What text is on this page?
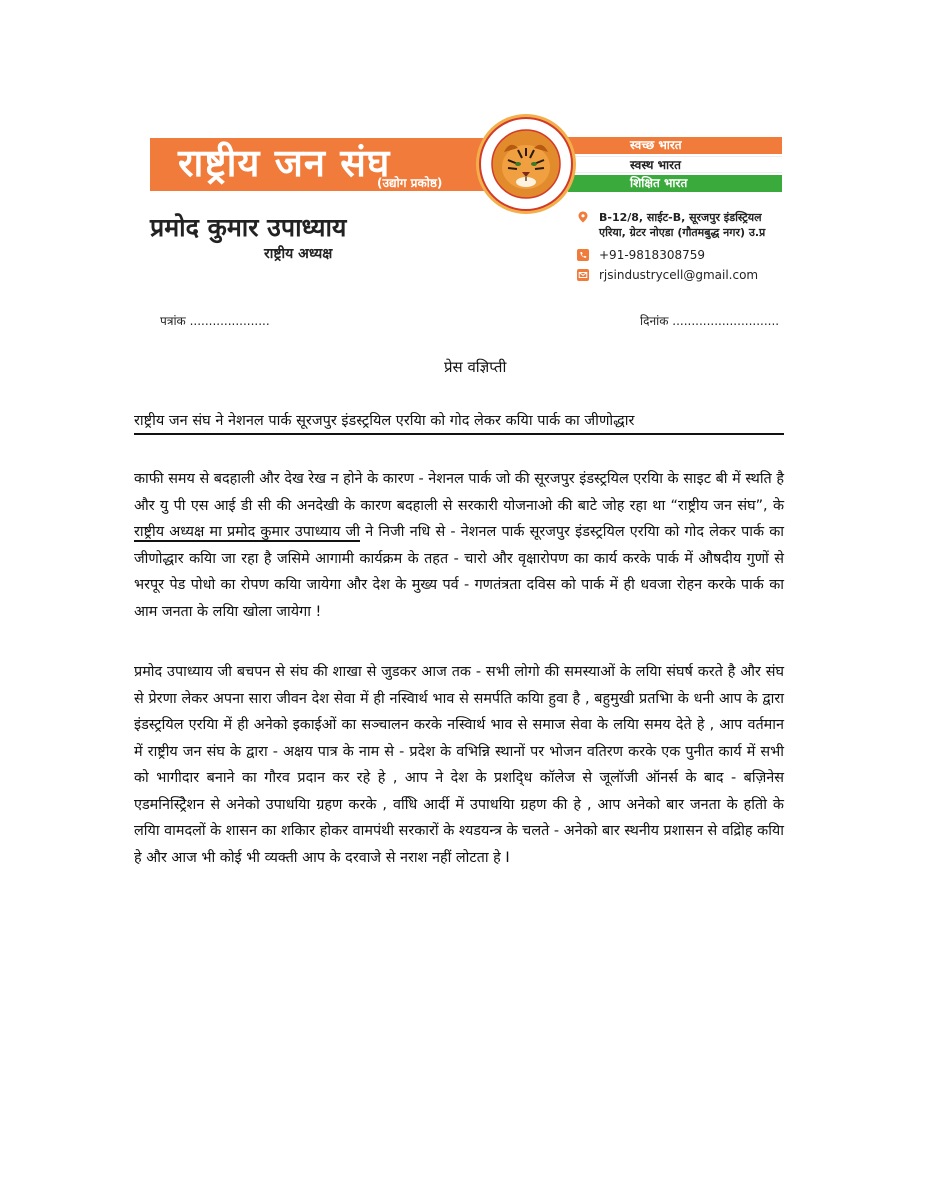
राष्ट्रीय जन संघ
(उद्योग प्रकोष्ठ)
स्वच्छ भारत
स्वस्थ भारत
शिक्षित भारत
प्रमोद कुमार उपाध्याय
राष्ट्रीय अध्यक्ष
B-12/8, साईट-B, सूरजपुर इंडस्ट्रियल
एरिया, ग्रेटर नोएडा (गौतमबुद्ध नगर) उ.प्र
+91-9818308759
rjsindustrycell@gmail.com
पत्रांक .....................	दिनांक ............................
प्रेस वज्ञिप्ती
राष्ट्रीय जन संघ ने नेशनल पार्क सूरजपुर इंडस्ट्रयिल एरयिा को गोद लेकर कयिा पार्क का जीणोद्धार

काफी समय से बदहाली और देख रेख न होने के कारण - नेशनल पार्क जो की सूरजपुर इंडस्ट्रयिल एरयिा के साइट बी में स्थति है और यु पी एस आई डी सी की अनदेखी के कारण बदहाली से सरकारी योजनाओ की बाटे जोह रहा था “राष्ट्रीय जन संघ”, के राष्ट्रीय अध्यक्ष मा प्रमोद कुमार उपाध्याय जी ने निजी नधि से - नेशनल पार्क सूरजपुर इंडस्ट्रयिल एरयिा को गोद लेकर पार्क का जीणोद्धार कयिा जा रहा है जसिमे आगामी कार्यक्रम के तहत - चारो और वृक्षारोपण का कार्य करके पार्क में औषदीय गुणों से भरपूर पेड पोधो का रोपण कयिा जायेगा और देश के मुख्य पर्व - गणतंत्रता दविस को पार्क में ही धवजा रोहन करके पार्क का आम जनता के लयिा खोला जायेगा !

प्रमोद उपाध्याय जी बचपन से संघ की शाखा से जुडकर आज तक - सभी लोगो की समस्याओं के लयिा संघर्ष करते है और संघ से प्रेरणा लेकर अपना सारा जीवन देश सेवा में ही नस्विार्थ भाव से समर्पति कयिा हुवा है , बहुमुखी प्रतभिा के धनी आप के द्वारा इंडस्ट्रयिल एरयिा में ही अनेको इकाईओं का सञ्चालन करके नस्विार्थ भाव से समाज सेवा के लयिा समय देते हे , आप वर्तमान में राष्ट्रीय जन संघ के द्वारा - अक्षय पात्र के नाम से - प्रदेश के वभिन्नि स्थानों पर भोजन वतिरण करके एक पुनीत कार्य में सभी को भागीदार बनाने का गौरव प्रदान कर रहे हे , आप ने देश के प्रशदि्ध कॉलेज से जूलॉजी ऑनर्स के बाद - बज़िनेस एडमनिस्ट्रिेशन से अनेको उपाधयिा ग्रहण करके , वधिि आर्दी में उपाधयिा ग्रहण की हे , आप अनेको बार जनता के हतिो के लयिा वामदलों के शासन का शकिार होकर वामपंथी सरकारों के श्यडयन्त्र के चलते - अनेको बार स्थनीय प्रशासन से वद्रिोह कयिा हे और आज भी कोई भी व्यक्ती आप के दरवाजे से नराश नहीं लोटता हे I
